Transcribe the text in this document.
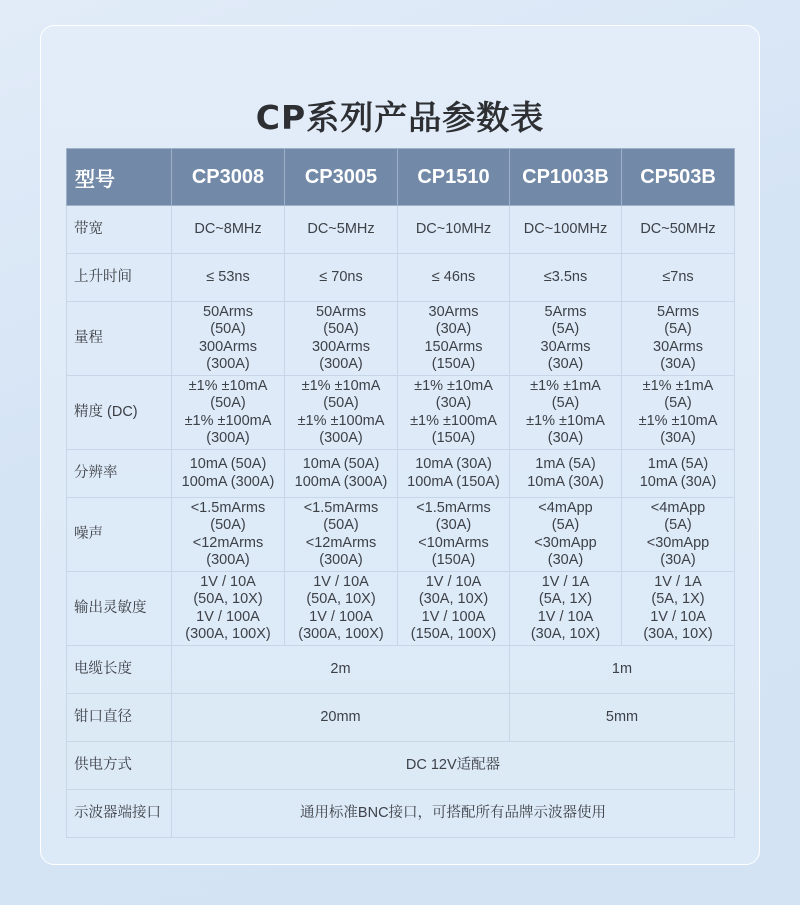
CP系列产品参数表
型号	CP3008	CP3005	CP1510	CP1003B	CP503B
带宽	DC~8MHz	DC~5MHz	DC~10MHz	DC~100MHz	DC~50MHz
上升时间	≤ 53ns	≤ 70ns	≤ 46ns	≤3.5ns	≤7ns
量程	50Arms
(50A)
300Arms
(300A)	50Arms
(50A)
300Arms
(300A)	30Arms
(30A)
150Arms
(150A)	5Arms
(5A)
30Arms
(30A)	5Arms
(5A)
30Arms
(30A)

精度 (DC)	±1% ±10mA
(50A)
±1% ±100mA
(300A)	±1% ±10mA
(50A)
±1% ±100mA
(300A)	±1% ±10mA
(30A)
±1% ±100mA
(150A)	±1% ±1mA
(5A)
±1% ±10mA
(30A)	±1% ±1mA
(5A)
±1% ±10mA
(30A)

分辨率	10mA (50A)
100mA (300A)	10mA (50A)
100mA (300A)	10mA (30A)
100mA (150A)	1mA (5A)
10mA (30A)	1mA (5A)
10mA (30A)

噪声	<1.5mArms
(50A)
<12mArms
(300A)	<1.5mArms
(50A)
<12mArms
(300A)	<1.5mArms
(30A)
<10mArms
(150A)	<4mApp
(5A)
<30mApp
(30A)	<4mApp
(5A)
<30mApp
(30A)

输出灵敏度	1V / 10A
(50A, 10X)
1V / 100A
(300A, 100X)	1V / 10A
(50A, 10X)
1V / 100A
(300A, 100X)	1V / 10A
(30A, 10X)
1V / 100A
(150A, 100X)	1V / 1A
(5A, 1X)
1V / 10A
(30A, 10X)	1V / 1A
(5A, 1X)
1V / 10A
(30A, 10X)

电缆长度	2m			1m	
钳口直径	20mm			5mm	
供电方式	DC 12V适配器				
示波器端接口	通用标准BNC接口，可搭配所有品牌示波器使用				
